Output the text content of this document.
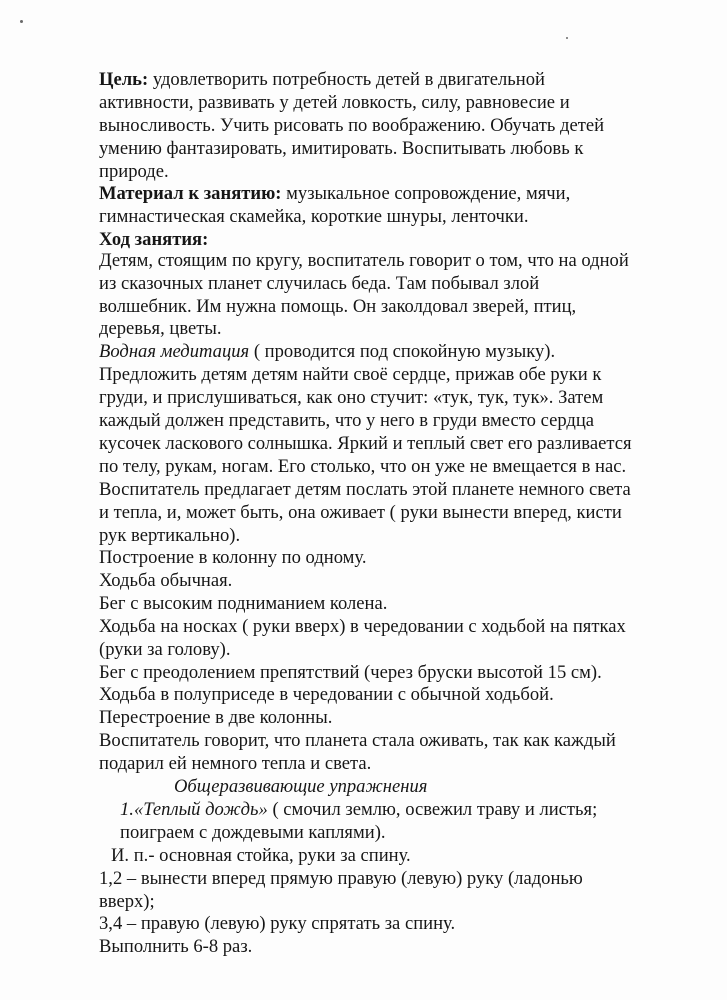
Цель: удовлетворить потребность детей в двигательной
активности, развивать у детей ловкость, силу, равновесие и
выносливость. Учить рисовать по воображению. Обучать детей
умению фантазировать, имитировать. Воспитывать любовь к
природе.
Материал к занятию: музыкальное сопровождение, мячи,
гимнастическая скамейка, короткие шнуры, ленточки.
Ход занятия:
Детям, стоящим по кругу, воспитатель говорит о том, что на одной
из сказочных планет случилась беда. Там побывал злой
волшебник. Им нужна помощь. Он заколдовал зверей, птиц,
деревья, цветы.
Водная медитация ( проводится под спокойную музыку).
Предложить детям детям найти своё сердце, прижав обе руки к
груди, и прислушиваться, как оно стучит: «тук, тук, тук». Затем
каждый должен представить, что у него в груди вместо сердца
кусочек ласкового солнышка. Яркий и теплый свет его разливается
по телу, рукам, ногам. Его столько, что он уже не вмещается в нас.
Воспитатель предлагает детям послать этой планете немного света
и тепла, и, может быть, она оживает ( руки вынести вперед, кисти
рук вертикально).
Построение в колонну по одному.
Ходьба обычная.
Бег с высоким подниманием колена.
Ходьба на носках ( руки вверх) в чередовании с ходьбой на пятках
(руки за голову).
Бег с преодолением препятствий (через бруски высотой 15 см).
Ходьба в полуприседе в чередовании с обычной ходьбой.
Перестроение в две колонны.
Воспитатель говорит, что планета стала оживать, так как каждый
подарил ей немного тепла и света.
Общеразвивающие упражнения
1.«Теплый дождь» ( смочил землю, освежил траву и листья;
поиграем с дождевыми каплями).
И. п.- основная стойка, руки за спину.
1,2 – вынести вперед прямую правую (левую) руку (ладонью
вверх);
3,4 – правую (левую) руку спрятать за спину.
Выполнить 6-8 раз.
